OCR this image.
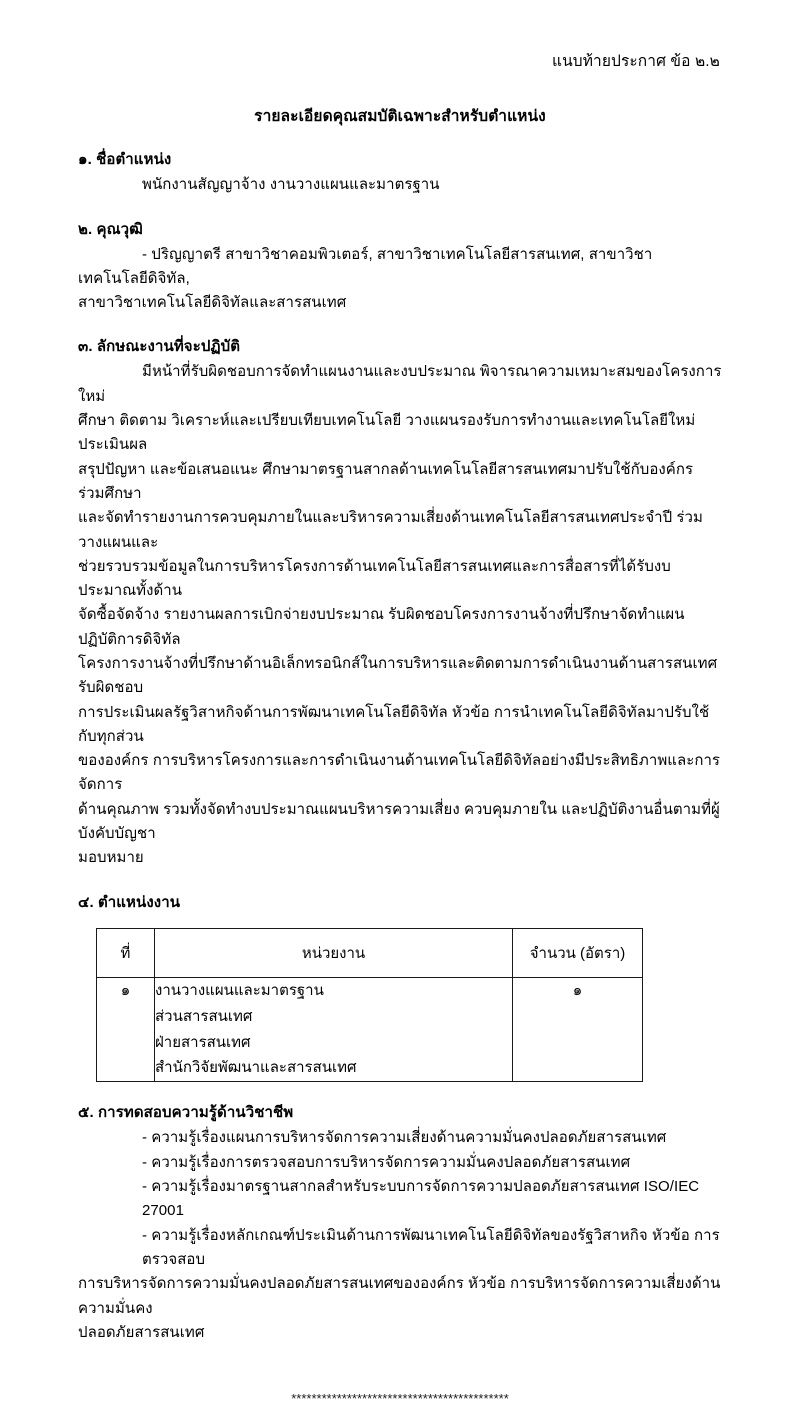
แนบท้ายประกาศ ข้อ ๒.๒
รายละเอียดคุณสมบัติเฉพาะสำหรับตำแหน่ง
๑. ชื่อตำแหน่ง
พนักงานสัญญาจ้าง งานวางแผนและมาตรฐาน
๒. คุณวุฒิ
- ปริญญาตรี สาขาวิชาคอมพิวเตอร์, สาขาวิชาเทคโนโลยีสารสนเทศ, สาขาวิชาเทคโนโลยีดิจิทัล,
สาขาวิชาเทคโนโลยีดิจิทัลและสารสนเทศ
๓. ลักษณะงานที่จะปฏิบัติ
มีหน้าที่รับผิดชอบการจัดทำแผนงานและงบประมาณ พิจารณาความเหมาะสมของโครงการใหม่
ศึกษา ติดตาม วิเคราะห์และเปรียบเทียบเทคโนโลยี วางแผนรองรับการทำงานและเทคโนโลยีใหม่ ประเมินผล
สรุปปัญหา และข้อเสนอแนะ ศึกษามาตรฐานสากลด้านเทคโนโลยีสารสนเทศมาปรับใช้กับองค์กร ร่วมศึกษา
และจัดทำรายงานการควบคุมภายในและบริหารความเสี่ยงด้านเทคโนโลยีสารสนเทศประจำปี ร่วมวางแผนและ
ช่วยรวบรวมข้อมูลในการบริหารโครงการด้านเทคโนโลยีสารสนเทศและการสื่อสารที่ได้รับงบประมาณทั้งด้าน
จัดซื้อจัดจ้าง รายงานผลการเบิกจ่ายงบประมาณ รับผิดชอบโครงการงานจ้างที่ปรึกษาจัดทำแผนปฏิบัติการดิจิทัล
โครงการงานจ้างที่ปรึกษาด้านอิเล็กทรอนิกส์ในการบริหารและติดตามการดำเนินงานด้านสารสนเทศ รับผิดชอบ
การประเมินผลรัฐวิสาหกิจด้านการพัฒนาเทคโนโลยีดิจิทัล หัวข้อ การนำเทคโนโลยีดิจิทัลมาปรับใช้กับทุกส่วน
ขององค์กร การบริหารโครงการและการดำเนินงานด้านเทคโนโลยีดิจิทัลอย่างมีประสิทธิภาพและการจัดการ
ด้านคุณภาพ รวมทั้งจัดทำงบประมาณแผนบริหารความเสี่ยง ควบคุมภายใน และปฏิบัติงานอื่นตามที่ผู้บังคับบัญชา
มอบหมาย
๔. ตำแหน่งงาน
ที่	หน่วยงาน	จำนวน (อัตรา)
๑	งานวางแผนและมาตรฐาน
ส่วนสารสนเทศ
ฝ่ายสารสนเทศ
สำนักวิจัยพัฒนาและสารสนเทศ	๑
๕. การทดสอบความรู้ด้านวิชาชีพ
- ความรู้เรื่องแผนการบริหารจัดการความเสี่ยงด้านความมั่นคงปลอดภัยสารสนเทศ
- ความรู้เรื่องการตรวจสอบการบริหารจัดการความมั่นคงปลอดภัยสารสนเทศ
- ความรู้เรื่องมาตรฐานสากลสำหรับระบบการจัดการความปลอดภัยสารสนเทศ ISO/IEC 27001
- ความรู้เรื่องหลักเกณฑ์ประเมินด้านการพัฒนาเทคโนโลยีดิจิทัลของรัฐวิสาหกิจ หัวข้อ การตรวจสอบ
การบริหารจัดการความมั่นคงปลอดภัยสารสนเทศขององค์กร หัวข้อ การบริหารจัดการความเสี่ยงด้านความมั่นคง
ปลอดภัยสารสนเทศ
*******************************************
